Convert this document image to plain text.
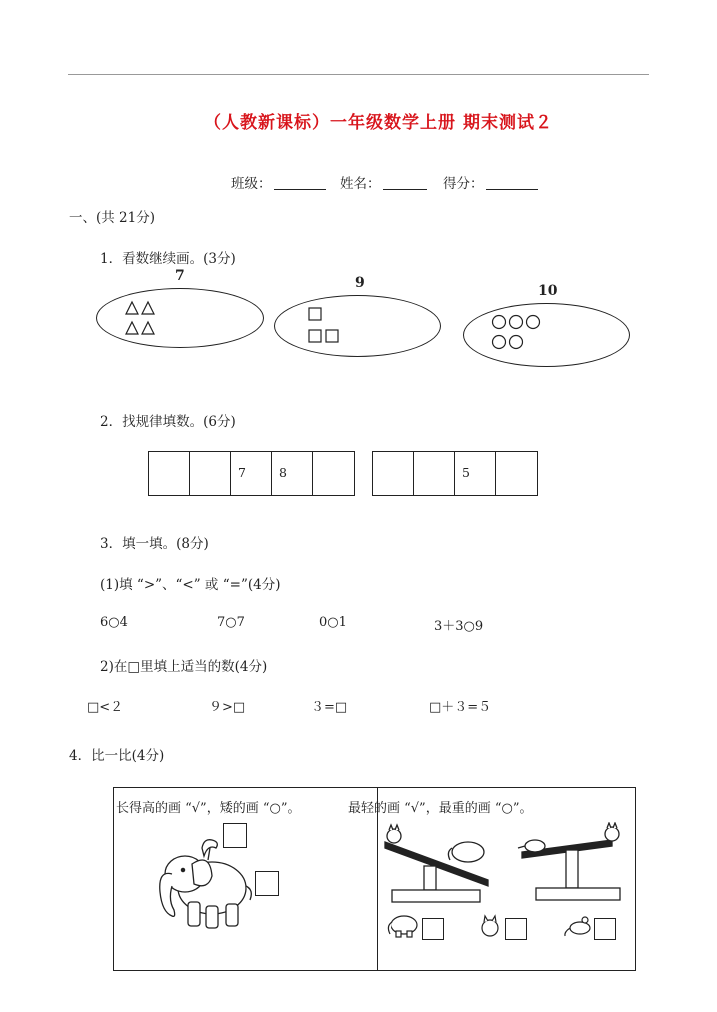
（人教新课标）一年级数学上册 期末测试２
班级：	姓名：	得分：
一、(共 21分)
1．看数继续画。(3分)
7	9	10
2．找规律填数。(6分)
7	8	5
3．填一填。(8分)
(1)填 “>”、“<” 或 “=”(4分)
6○4	7○7	0○1	3＋3○9
2)在□里填上适当的数(4分)
□<２	９>□	３=□	□＋３=５
4．比一比(4分)
长得高的画 “√”，矮的画 “○”。	最轻的画 “√”，最重的画 “○”。
